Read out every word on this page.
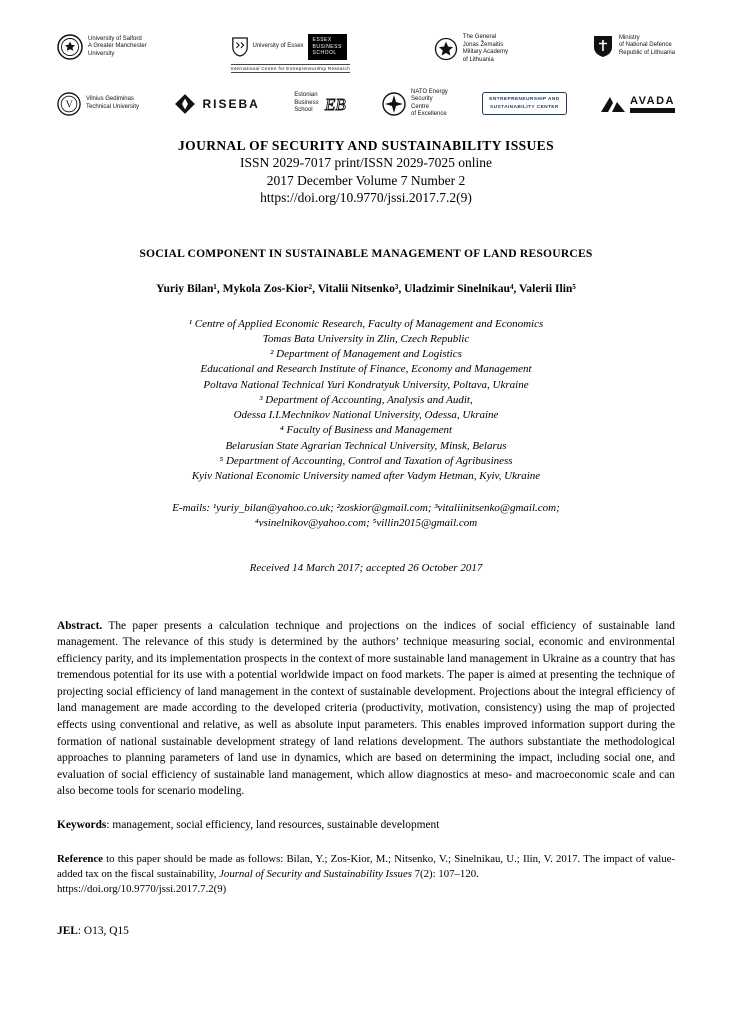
University of Salford
A Greater Manchester
University
University of Essex
ESSEX
BUSINESS
SCHOOL
International Centre for Entrepreneurship Research
The General
Jonas Žemaitis
Military Academy
of Lithuania
Ministry
of National Defence
Republic of Lithuania
V
Vilnius Gediminas
Technical University	RISEBA
Estonian
Business
School EB
NATO Energy
Security
Centre
of Excellence
ENTREPRENEURSHIP AND
SUSTAINABILITY CENTER
AVADA
JOURNAL OF SECURITY AND SUSTAINABILITY ISSUES
ISSN 2029-7017 print/ISSN 2029-7025 online
2017 December Volume 7 Number 2
https://doi.org/10.9770/jssi.2017.7.2(9)
SOCIAL COMPONENT IN SUSTAINABLE MANAGEMENT OF LAND RESOURCES
Yuriy Bilan¹, Mykola Zos-Kior², Vitalii Nitsenko³, Uladzimir Sinelnikau⁴, Valerii Ilin⁵
¹ Centre of Applied Economic Research, Faculty of Management and Economics
Tomas Bata University in Zlin, Czech Republic
² Department of Management and Logistics
Educational and Research Institute of Finance, Economy and Management
Poltava National Technical Yuri Kondratyuk University, Poltava, Ukraine
³ Department of Accounting, Analysis and Audit,
Odessa I.I.Mechnikov National University, Odessa, Ukraine
⁴ Faculty of Business and Management
Belarusian State Agrarian Technical University, Minsk, Belarus
⁵ Department of Accounting, Control and Taxation of Agribusiness
Kyiv National Economic University named after Vadym Hetman, Kyiv, Ukraine
E-mails: ¹yuriy_bilan@yahoo.co.uk; ²zoskior@gmail.com; ³vitaliinitsenko@gmail.com;
⁴vsinelnikov@yahoo.com; ⁵villin2015@gmail.com
Received 14 March 2017; accepted 26 October 2017

Abstract. The paper presents a calculation technique and projections on the indices of social efficiency of sustainable land management. The relevance of this study is determined by the authors’ technique measuring social, economic and environmental efficiency parity, and its implementation prospects in the context of more sustainable land management in Ukraine as a country that has tremendous potential for its use with a potential worldwide impact on food markets. The paper is aimed at presenting the technique of projecting social efficiency of land management in the context of sustainable development. Projections about the integral efficiency of land management are made according to the developed criteria (productivity, motivation, consistency) using the map of projected effects using conventional and relative, as well as absolute input parameters. This enables improved information support during the formation of national sustainable development strategy of land relations development. The authors substantiate the methodological approaches to planning parameters of land use in dynamics, which are based on determining the impact, including social one, and evaluation of social efficiency of sustainable land management, which allow diagnostics at meso- and macroeconomic scale and can also become tools for scenario modeling.

Keywords: management, social efficiency, land resources, sustainable development

Reference to this paper should be made as follows: Bilan, Y.; Zos-Kior, M.; Nitsenko, V.; Sinelnikau, U.; Ilin, V. 2017. The impact of value-added tax on the fiscal sustainability, Journal of Security and Sustainability Issues 7(2): 107–120.
https://doi.org/10.9770/jssi.2017.7.2(9)

JEL: O13, Q15
